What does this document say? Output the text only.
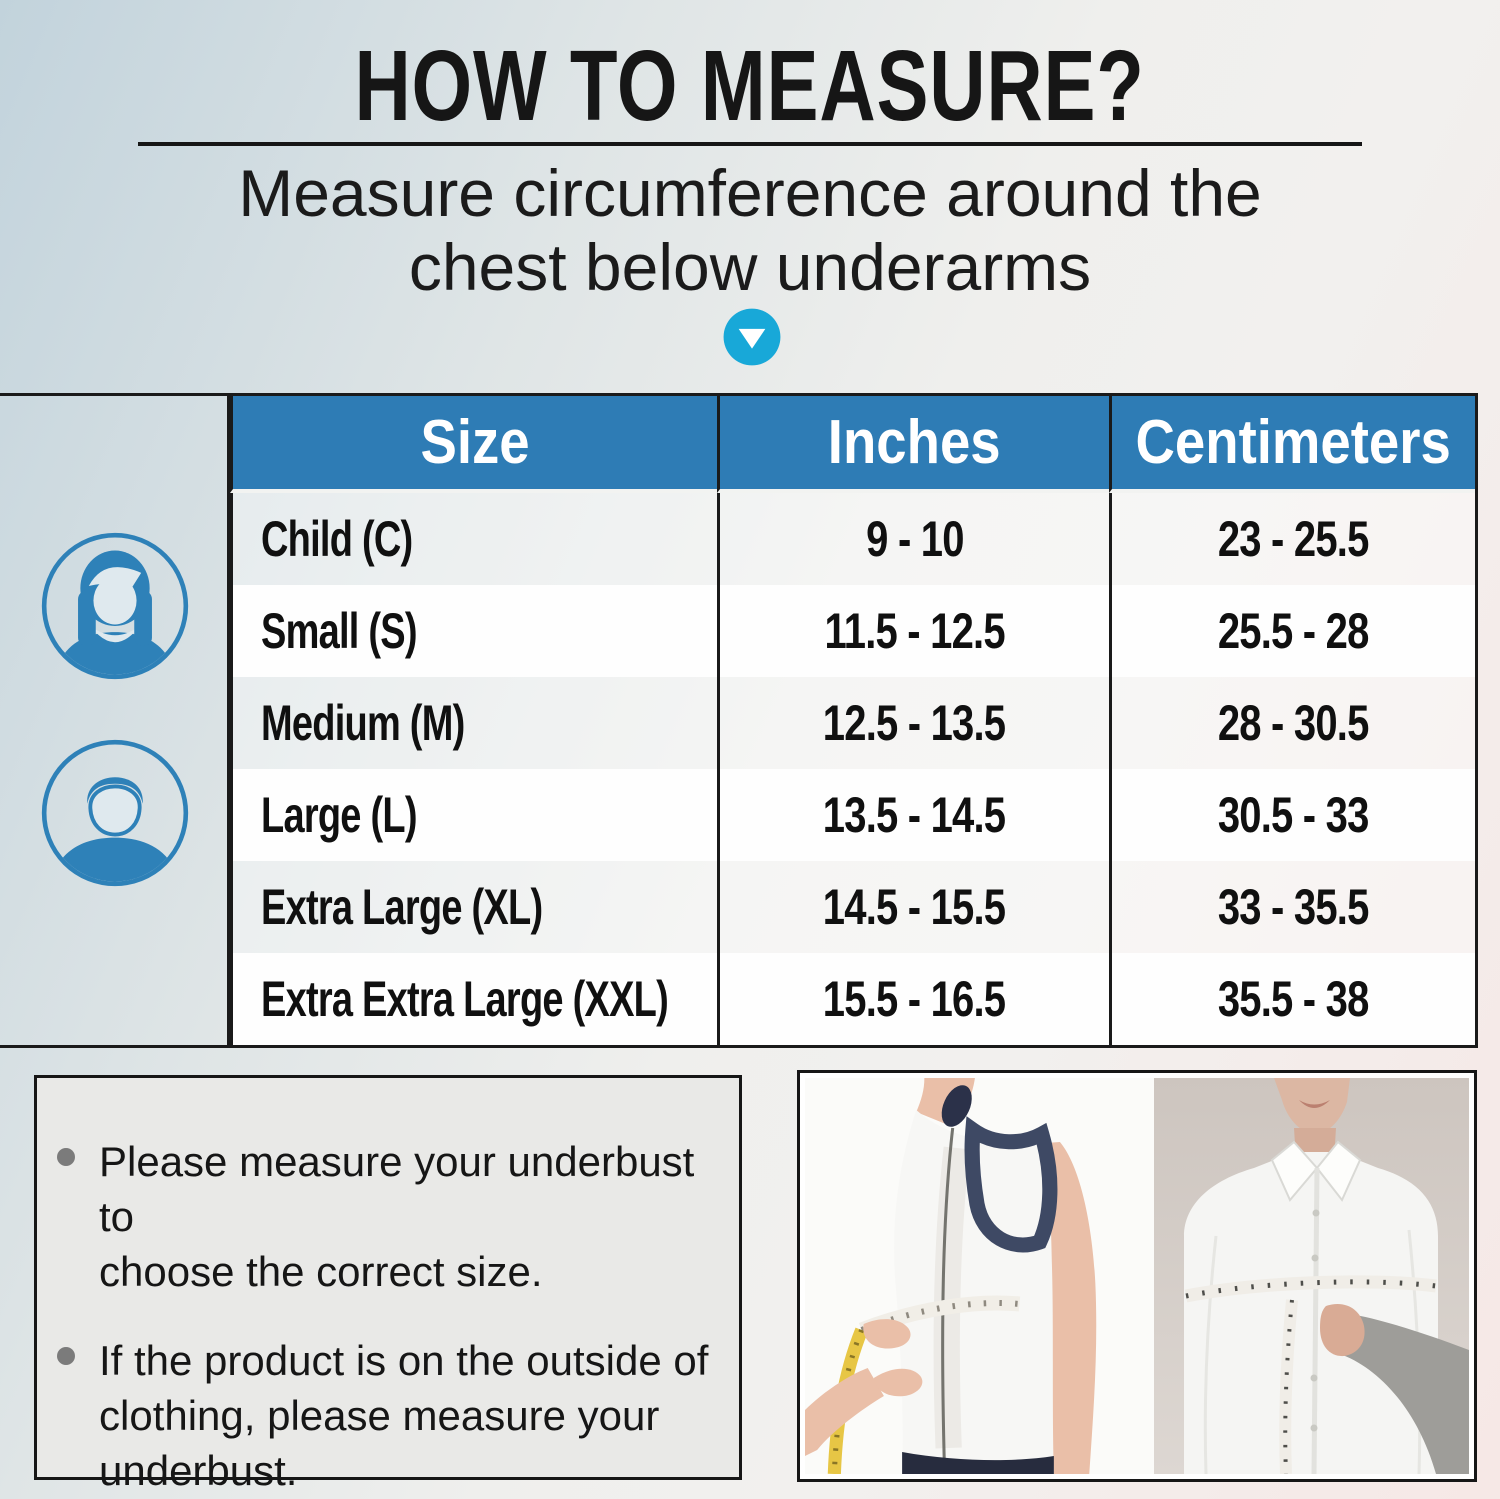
HOW TO MEASURE?
Measure circumference around the
chest below underarms
Size	Inches Centimeters
Child (C)	9 - 10	23 - 25.5
Small (S)	11.5 - 12.5	25.5 - 28
Medium (M)	12.5 - 13.5	28 - 30.5
Large (L)	13.5 - 14.5	30.5 - 33
Extra Large (XL)	14.5 - 15.5	33 - 35.5
Extra Extra Large (XXL)	15.5 - 16.5	35.5 - 38
Please measure your underbust to
choose the correct size.
If the product is on the outside of
clothing, please measure your
underbust.
